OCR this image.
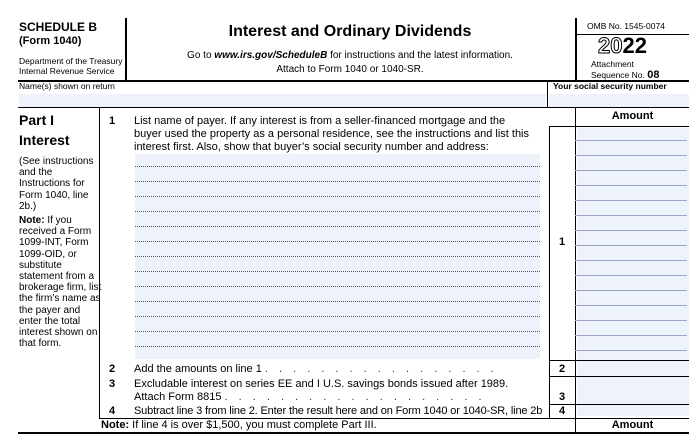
SCHEDULE B
(Form 1040)
Department of the Treasury
Internal Revenue Service
Interest and Ordinary Dividends
Go to www.irs.gov/ScheduleB for instructions and the latest information.
Attach to Form 1040 or 1040-SR.
OMB No. 1545-0074
2022
Attachment
Sequence No. 08
Name(s) shown on return	Your social security number
Part I
Interest

(See instructions and the Instructions for Form 1040, line 2b.)

Note: If you received a Form 1099-INT, Form 1099-OID, or substitute statement from a brokerage firm, list the firm’s name as the payer and enter the total interest shown on that form.

1 List name of payer. If any interest is from a seller-financed mortgage and the
buyer used the property as a personal residence, see the instructions and list this
interest first. Also, show that buyer’s social security number and address:
Amount
1
2 Add the amounts on line 1 . . . . . . . . . . . . . . . . .	2
3 Excludable interest on series EE and I U.S. savings bonds issued after 1989.
Attach Form 8815 . . . . . . . . . . . . . . . . . . .	3
4 Subtract line 3 from line 2. Enter the result here and on Form 1040 or 1040-SR, line 2b	4
Note: If line 4 is over $1,500, you must complete Part III.	Amount
